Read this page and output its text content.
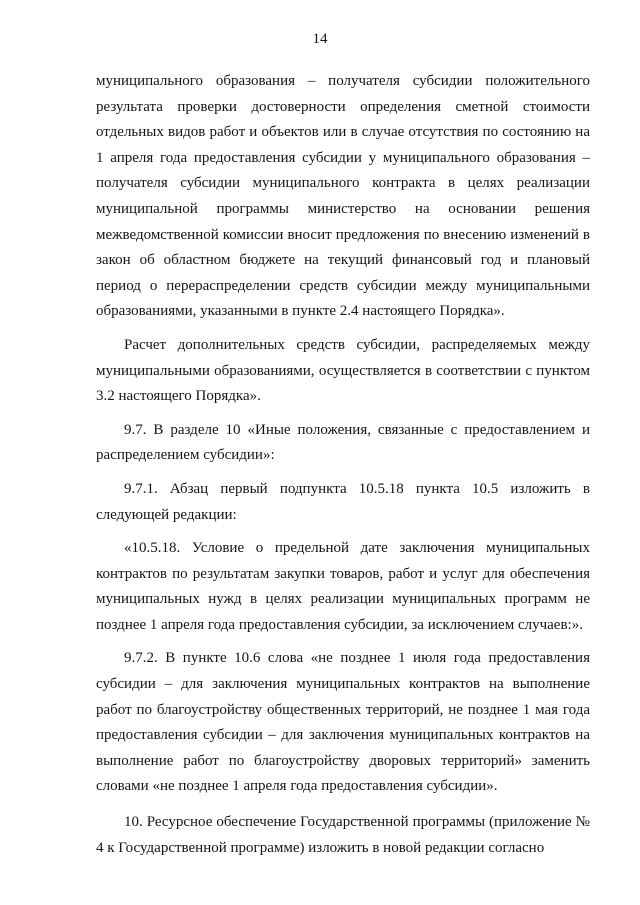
14

муниципального образования – получателя субсидии положительного результата проверки достоверности определения сметной стоимости отдельных видов работ и объектов или в случае отсутствия по состоянию на 1 апреля года предоставления субсидии у муниципального образования – получателя субсидии муниципального контракта в целях реализации муниципальной программы министерство на основании решения межведомственной комиссии вносит предложения по внесению изменений в закон об областном бюджете на текущий финансовый год и плановый период о перераспределении средств субсидии между муниципальными образованиями, указанными в пункте 2.4 настоящего Порядка».

Расчет дополнительных средств субсидии, распределяемых между муниципальными образованиями, осуществляется в соответствии с пунктом 3.2 настоящего Порядка».

9.7. В разделе 10 «Иные положения, связанные с предоставлением и распределением субсидии»:

9.7.1. Абзац первый подпункта 10.5.18 пункта 10.5 изложить в следующей редакции:

«10.5.18. Условие о предельной дате заключения муниципальных контрактов по результатам закупки товаров, работ и услуг для обеспечения муниципальных нужд в целях реализации муниципальных программ не позднее 1 апреля года предоставления субсидии, за исключением случаев:».

9.7.2. В пункте 10.6 слова «не позднее 1 июля года предоставления субсидии – для заключения муниципальных контрактов на выполнение работ по благоустройству общественных территорий, не позднее 1 мая года предоставления субсидии – для заключения муниципальных контрактов на выполнение работ по благоустройству дворовых территорий» заменить словами «не позднее 1 апреля года предоставления субсидии».

10. Ресурсное обеспечение Государственной программы (приложение № 4 к Государственной программе) изложить в новой редакции согласно
